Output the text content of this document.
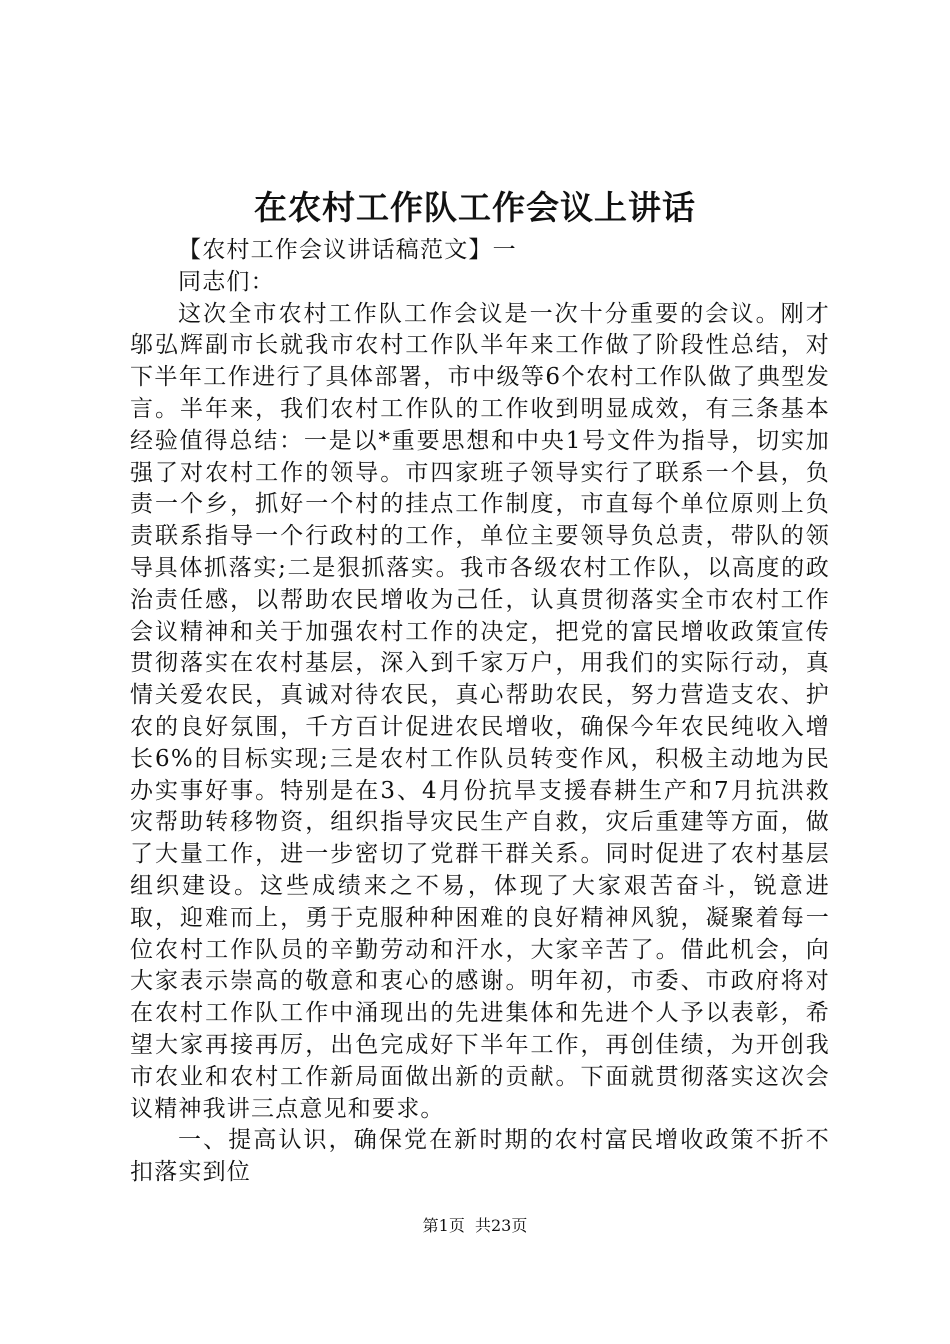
在农村工作队工作会议上讲话

【农村工作会议讲话稿范文】一

同志们：

这次全市农村工作队工作会议是一次十分重要的会议。刚才邬弘辉副市长就我市农村工作队半年来工作做了阶段性总结，对下半年工作进行了具体部署，市中级等6个农村工作队做了典型发言。半年来，我们农村工作队的工作收到明显成效，有三条基本经验值得总结：一是以*重要思想和中央1号文件为指导，切实加强了对农村工作的领导。市四家班子领导实行了联系一个县，负责一个乡，抓好一个村的挂点工作制度，市直每个单位原则上负责联系指导一个行政村的工作，单位主要领导负总责，带队的领导具体抓落实;二是狠抓落实。我市各级农村工作队，以高度的政治责任感，以帮助农民增收为己任，认真贯彻落实全市农村工作会议精神和关于加强农村工作的决定，把党的富民增收政策宣传贯彻落实在农村基层，深入到千家万户，用我们的实际行动，真情关爱农民，真诚对待农民，真心帮助农民，努力营造支农、护农的良好氛围，千方百计促进农民增收，确保今年农民纯收入增长6%的目标实现;三是农村工作队员转变作风，积极主动地为民办实事好事。特别是在3、4月份抗旱支援春耕生产和7月抗洪救灾帮助转移物资，组织指导灾民生产自救，灾后重建等方面，做了大量工作，进一步密切了党群干群关系。同时促进了农村基层组织建设。这些成绩来之不易，体现了大家艰苦奋斗，锐意进取，迎难而上，勇于克服种种困难的良好精神风貌，凝聚着每一位农村工作队员的辛勤劳动和汗水，大家辛苦了。借此机会，向大家表示崇高的敬意和衷心的感谢。明年初，市委、市政府将对在农村工作队工作中涌现出的先进集体和先进个人予以表彰，希望大家再接再厉，出色完成好下半年工作，再创佳绩，为开创我市农业和农村工作新局面做出新的贡献。下面就贯彻落实这次会议精神我讲三点意见和要求。

一、提高认识，确保党在新时期的农村富民增收政策不折不扣落实到位

第1页  共23页
